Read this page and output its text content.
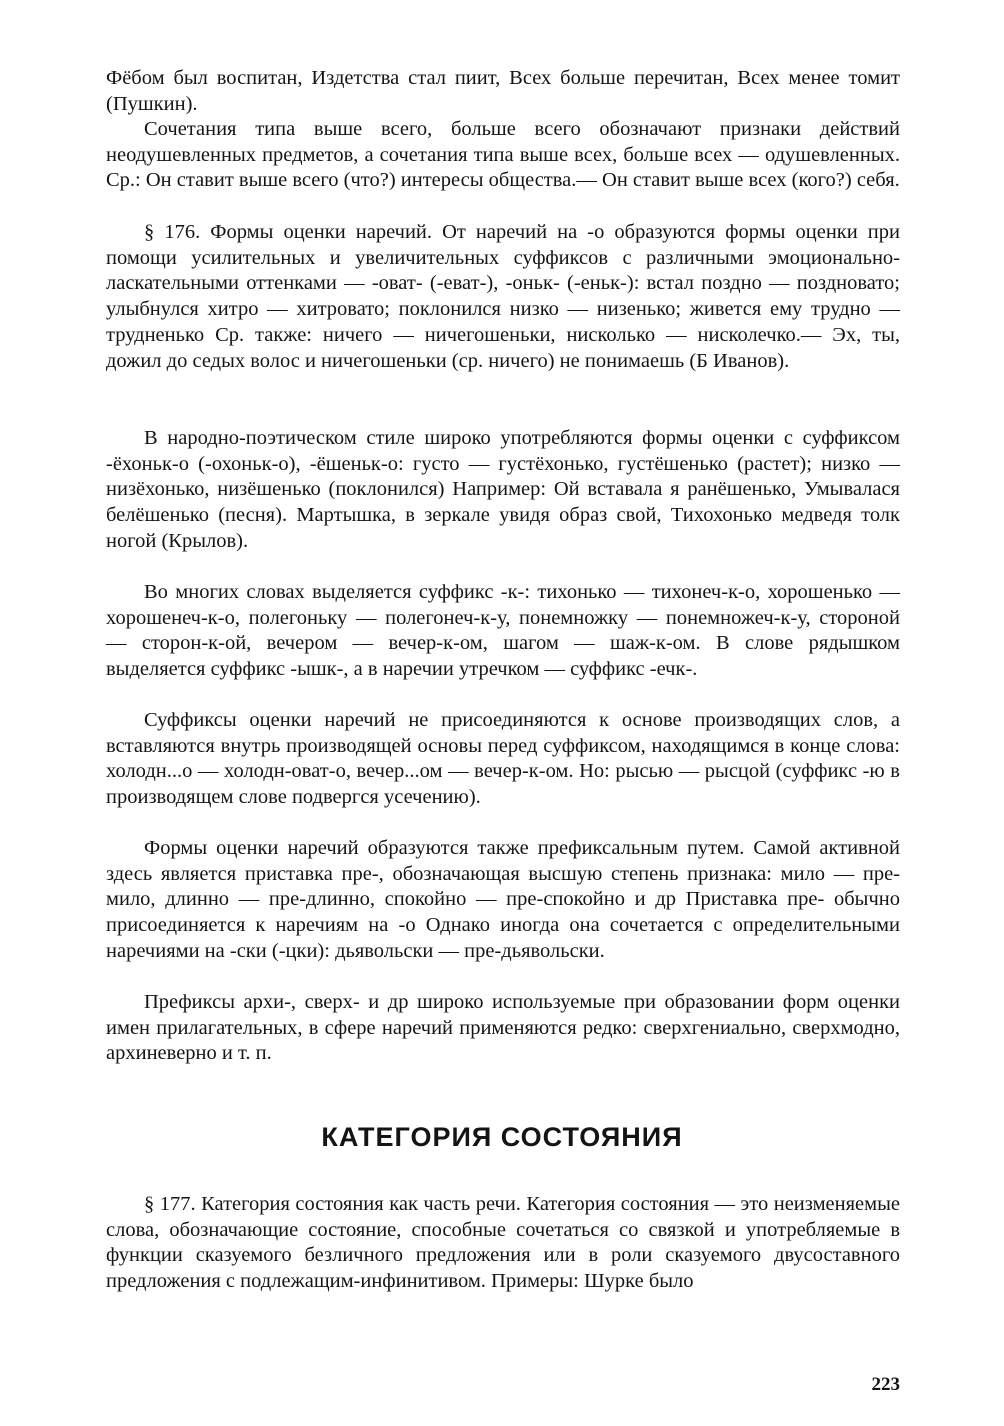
Фёбом был воспитан, Издетства стал пиит, Всех больше перечитан, Всех менее томит (Пушкин).

Сочетания типа выше всего, больше всего обозначают признаки действий неодушевленных предметов, а сочетания типа выше всех, больше всех — одушевленных. Ср.: Он ставит выше всего (что?) интересы общества.— Он ставит выше всех (кого?) себя.

§ 176. Формы оценки наречий. От наречий на -о образуются формы оценки при помощи усилительных и увеличительных суффиксов с различными эмоционально-ласкательными оттенками — -оват- (-еват-), -оньк- (-еньк-): встал поздно — поздновато; улыбнулся хитро — хитровато; поклонился низко — низенько; живется ему трудно — трудненько Ср. также: ничего — ничегошеньки, нисколько — нисколечко.— Эх, ты, дожил до седых волос и ничегошеньки (ср. ничего) не понимаешь (Б Иванов).

В народно-поэтическом стиле широко употребляются формы оценки с суффиксом -ёхоньк-о (-охоньк-о), -ёшеньк-о: густо — густёхонько, густёшенько (растет); низко — низёхонько, низёшенько (поклонился) Например: Ой вставала я ранёшенько, Умывалася белёшенько (песня). Мартышка, в зеркале увидя образ свой, Тихохонько медведя толк ногой (Крылов).

Во многих словах выделяется суффикс -к-: тихонько — тихонеч-к-о, хорошенько — хорошенеч-к-о, полегоньку — полегонеч-к-у, понемножку — понемножеч-к-у, стороной — сторон-к-ой, вечером — вечер-к-ом, шагом — шаж-к-ом. В слове рядышком выделяется суффикс -ышк-, а в наречии утречком — суффикс -ечк-.

Суффиксы оценки наречий не присоединяются к основе производящих слов, а вставляются внутрь производящей основы перед суффиксом, находящимся в конце слова: холодн...о — холодн-оват-о, вечер...ом — вечер-к-ом. Но: рысью — рысцой (суффикс -ю в производящем слове подвергся усечению).

Формы оценки наречий образуются также префиксальным путем. Самой активной здесь является приставка пре-, обозначающая высшую степень признака: мило — пре-мило, длинно — пре-длинно, спокойно — пре-спокойно и др Приставка пре- обычно присоединяется к наречиям на -о Однако иногда она сочетается с определительными наречиями на -ски (-цки): дьявольски — пре-дьявольски.

Префиксы архи-, сверх- и др широко используемые при образовании форм оценки имен прилагательных, в сфере наречий применяются редко: сверхгениально, сверхмодно, архиневерно и т. п.

КАТЕГОРИЯ СОСТОЯНИЯ

§ 177. Категория состояния как часть речи. Категория состояния — это неизменяемые слова, обозначающие состояние, способные сочетаться со связкой и употребляемые в функции сказуемого безличного предложения или в роли сказуемого двусоставного предложения с подлежащим-инфинитивом. Примеры: Шурке было

223
